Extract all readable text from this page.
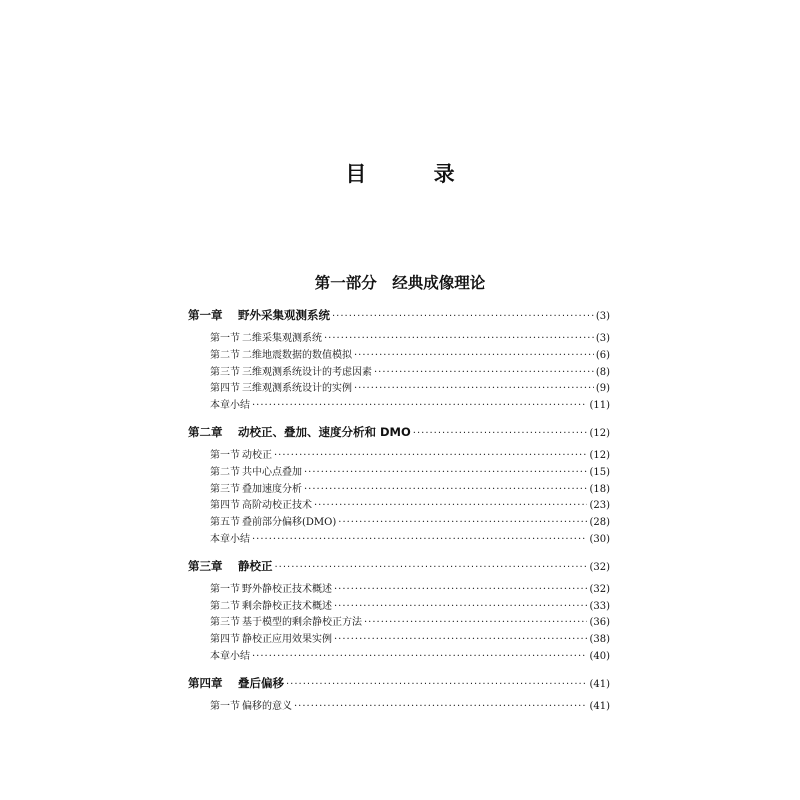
目 录
第一部分　经典成像理论
第一章	野外采集观测系统 ·····	(3)
第一节 二维采集观测系统 ·····	(3)
第二节 二维地震数据的数值模拟 ·····	(6)
第三节 三维观测系统设计的考虑因素 ·····	(8)
第四节 三维观测系统设计的实例 ·····	(9)
本章小结 ·····	(11)
第二章	动校正、叠加、速度分析和 DMO ·····	(12)
第一节 动校正 ·····	(12)
第二节 共中心点叠加 ·····	(15)
第三节 叠加速度分析 ·····	(18)
第四节 高阶动校正技术 ·····	(23)
第五节 叠前部分偏移(DMO) ·····	(28)
本章小结 ·····	(30)
第三章	静校正 ·····	(32)
第一节 野外静校正技术概述 ·····	(32)
第二节 剩余静校正技术概述 ·····	(33)
第三节 基于模型的剩余静校正方法 ·····	(36)
第四节 静校正应用效果实例 ·····	(38)
本章小结 ·····	(40)
第四章	叠后偏移 ·····	(41)
第一节 偏移的意义 ·····	(41)
